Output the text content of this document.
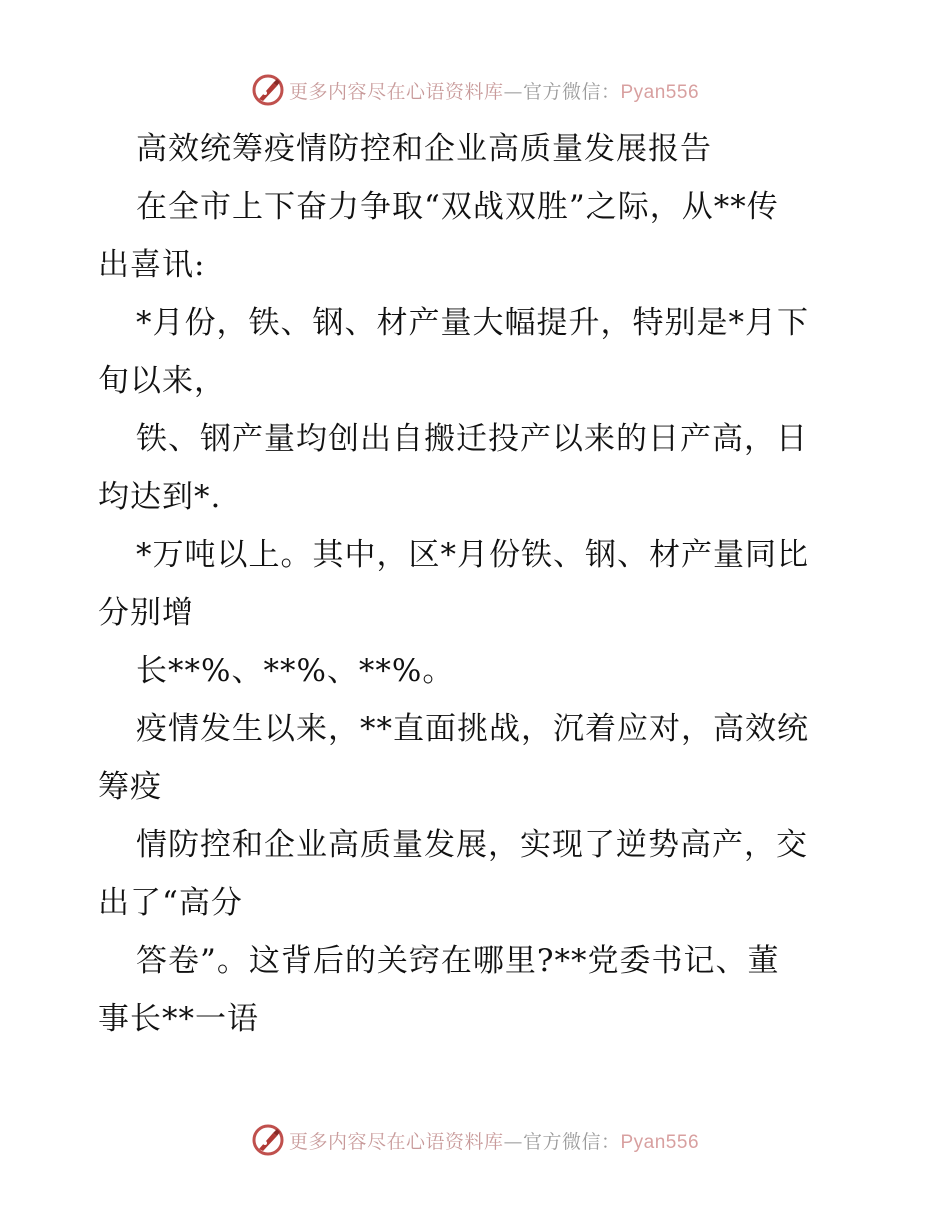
更多内容尽在心语资料库—官方微信：Pyan556
高效统筹疫情防控和企业高质量发展报告
在全市上下奋力争取“双战双胜”之际，从**传
出喜讯:
*月份，铁、钢、材产量大幅提升，特别是*月下
旬以来，
铁、钢产量均创出自搬迁投产以来的日产高，日
均达到*.
*万吨以上。其中，区*月份铁、钢、材产量同比
分别增
长**%、**%、**%。
疫情发生以来，**直面挑战，沉着应对，高效统
筹疫
情防控和企业高质量发展，实现了逆势高产，交
出了“高分
答卷”。这背后的关窍在哪里?**党委书记、董
事长**一语
更多内容尽在心语资料库—官方微信：Pyan556
